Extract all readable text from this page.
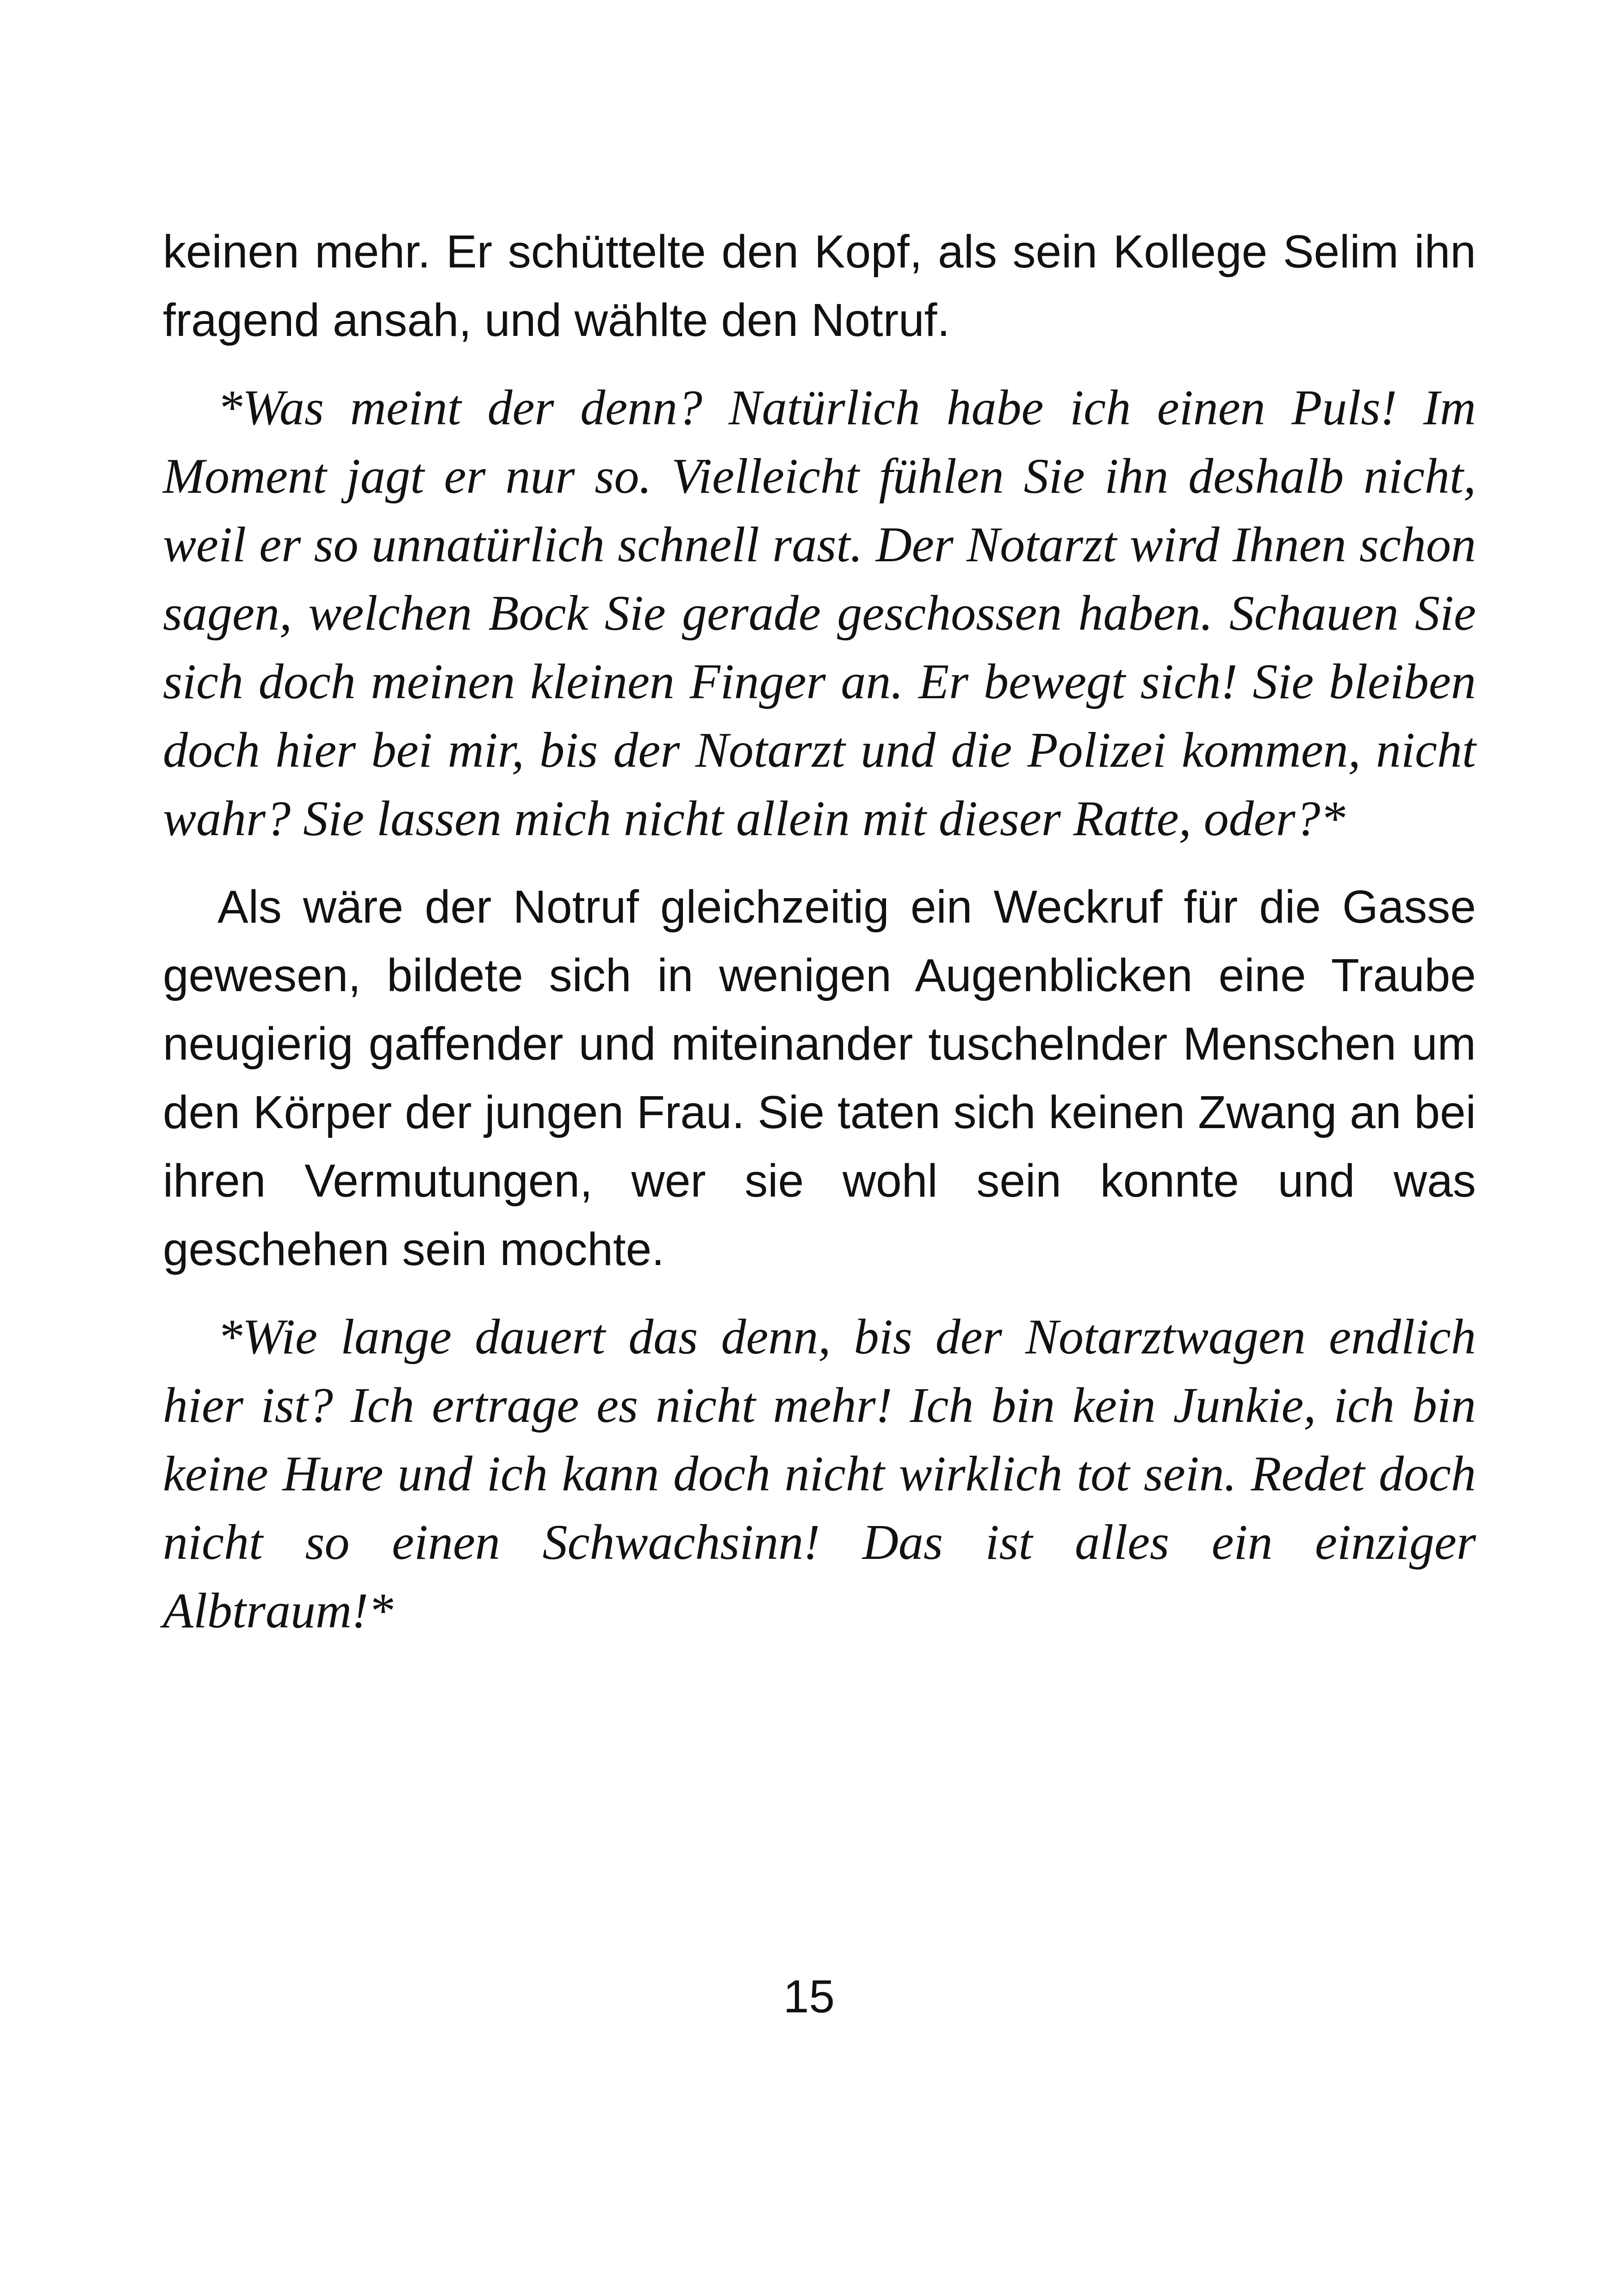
keinen mehr. Er schüttelte den Kopf, als sein Kollege Selim ihn fragend ansah, und wählte den Notruf.

*Was meint der denn? Natürlich habe ich einen Puls! Im Moment jagt er nur so. Vielleicht fühlen Sie ihn deshalb nicht, weil er so unnatürlich schnell rast. Der Notarzt wird Ihnen schon sagen, welchen Bock Sie gerade geschossen haben. Schauen Sie sich doch meinen kleinen Finger an. Er bewegt sich! Sie bleiben doch hier bei mir, bis der Notarzt und die Polizei kommen, nicht wahr? Sie lassen mich nicht allein mit dieser Ratte, oder?*

Als wäre der Notruf gleichzeitig ein Weckruf für die Gasse gewesen, bildete sich in wenigen Augenblicken eine Traube neugierig gaffender und miteinander tuschelnder Menschen um den Körper der jungen Frau. Sie taten sich keinen Zwang an bei ihren Vermutungen, wer sie wohl sein konnte und was geschehen sein mochte.

*Wie lange dauert das denn, bis der Notarztwagen endlich hier ist? Ich ertrage es nicht mehr! Ich bin kein Junkie, ich bin keine Hure und ich kann doch nicht wirklich tot sein. Redet doch nicht so einen Schwachsinn! Das ist alles ein einziger Albtraum!*

15
